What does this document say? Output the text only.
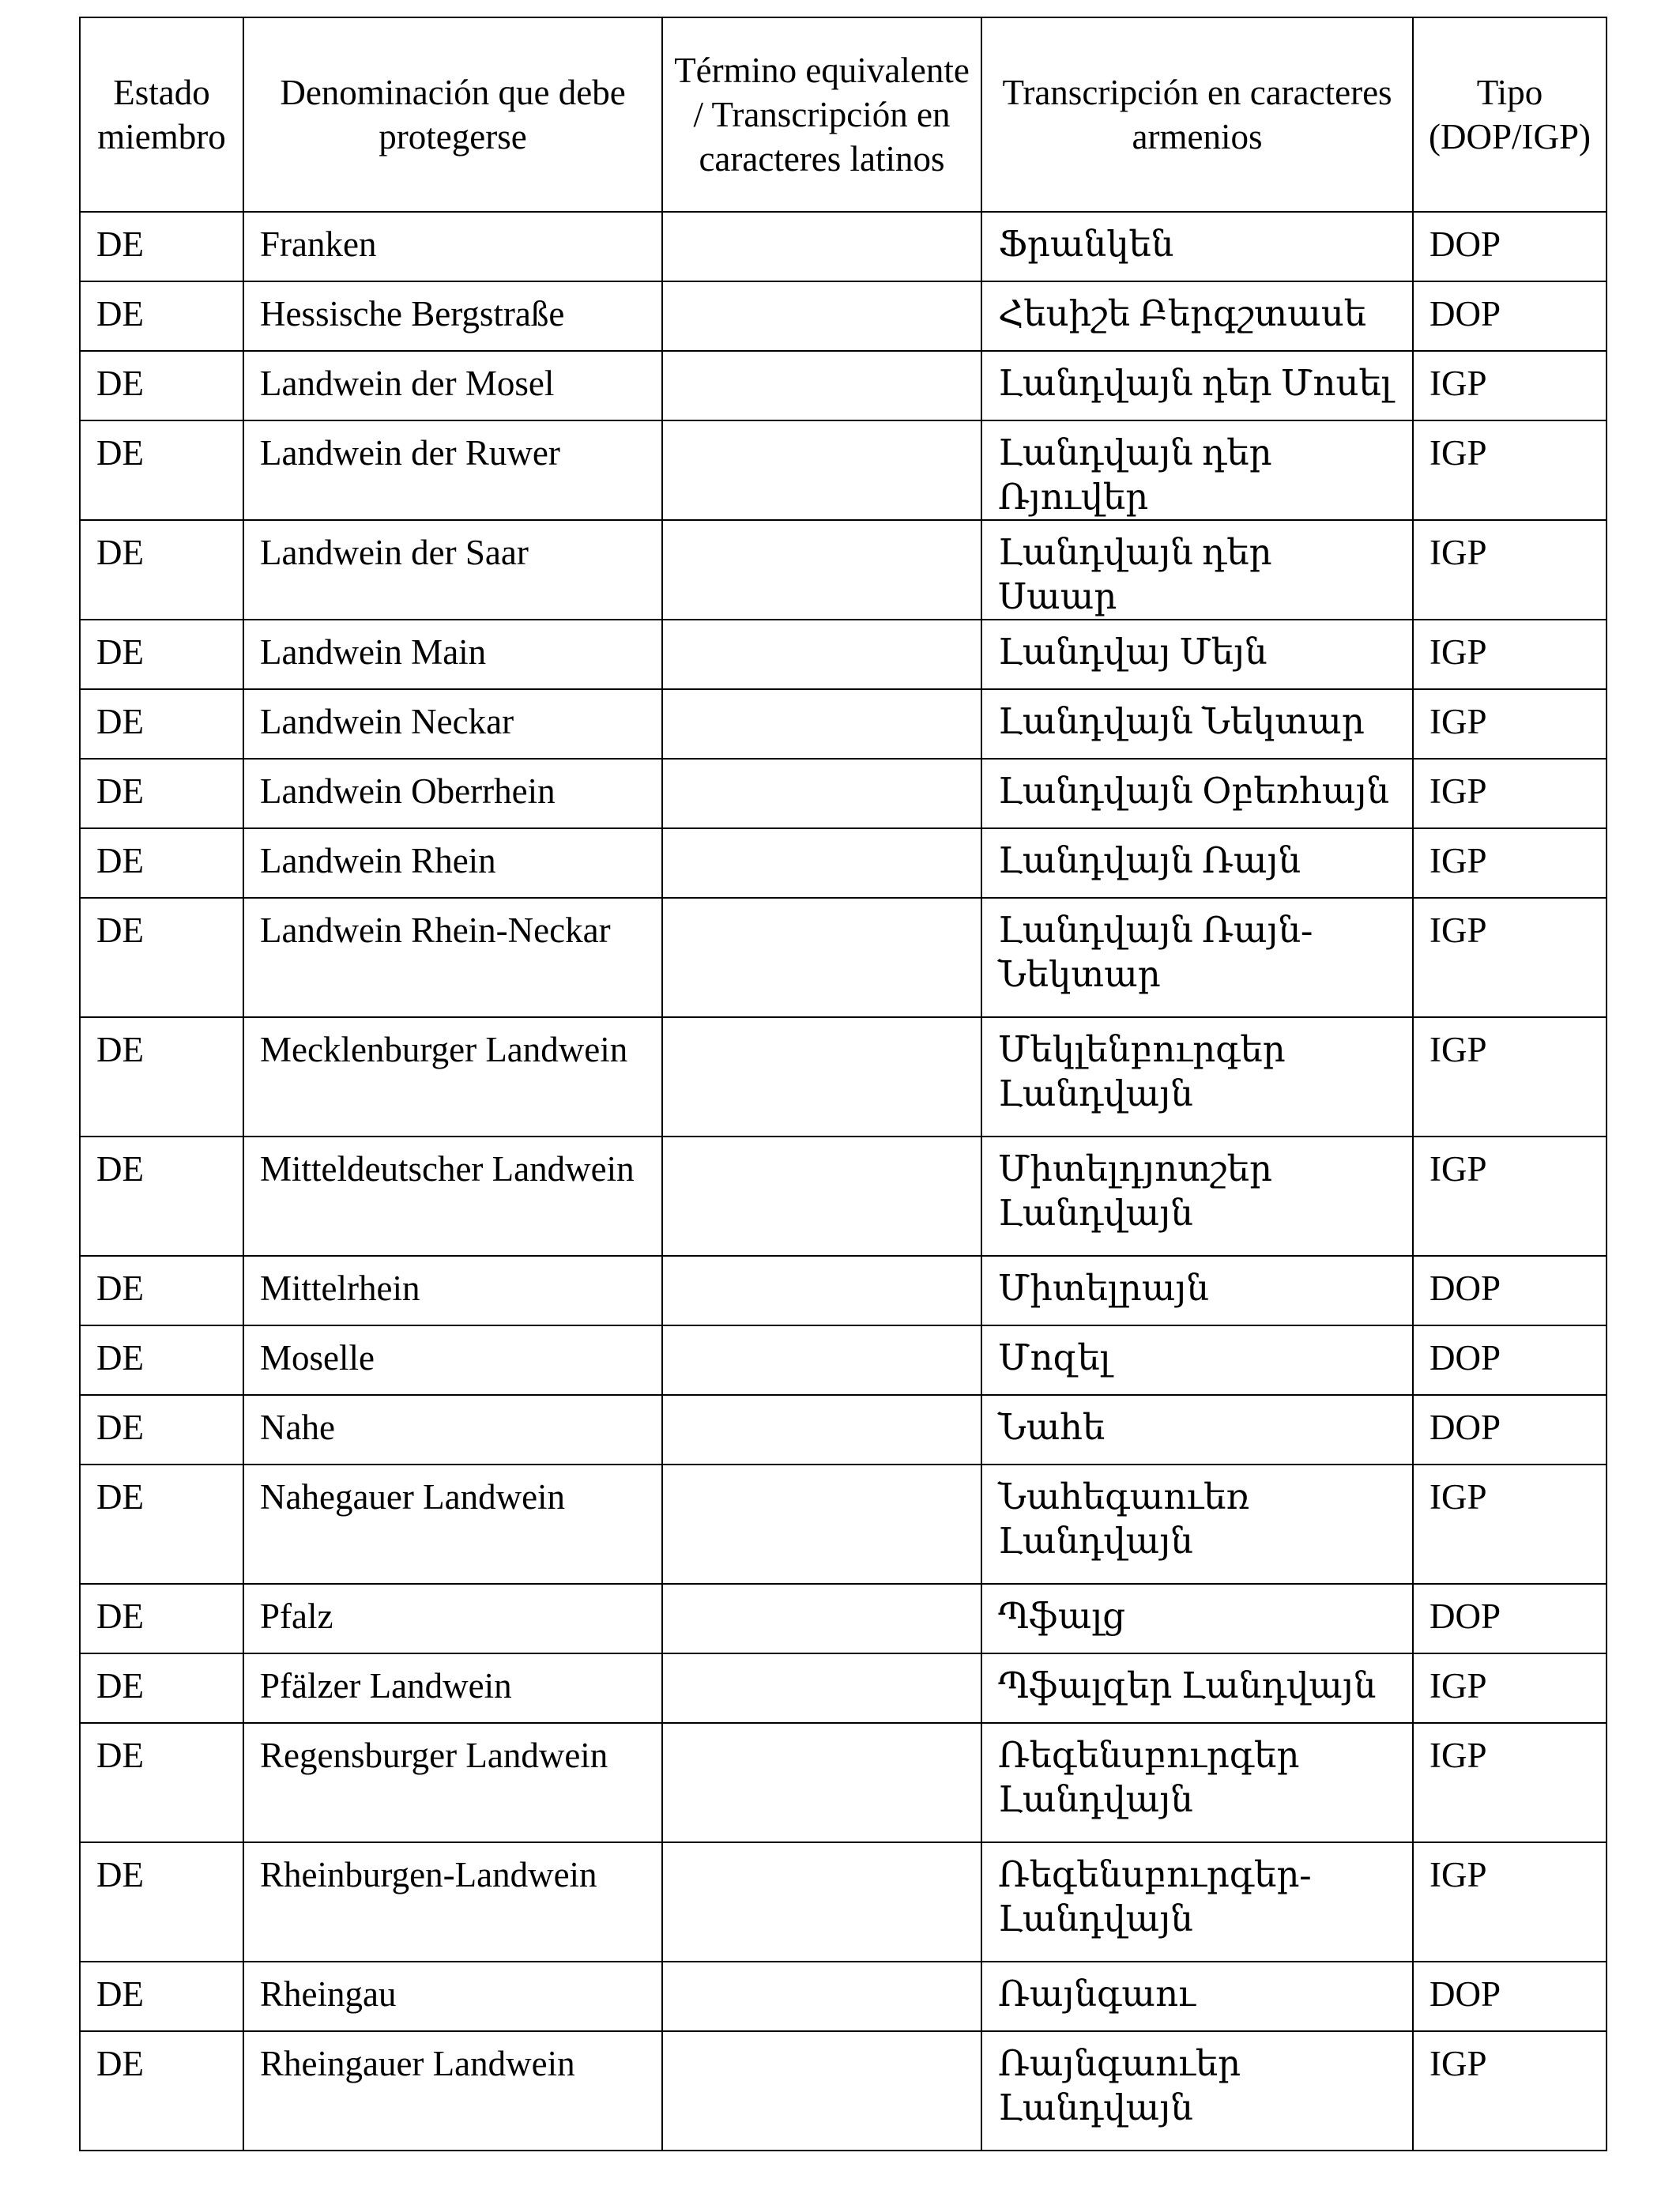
Estado miembro	Denominación que debe protegerse	Término equivalente / Transcripción en caracteres latinos	Transcripción en caracteres armenios	Tipo (DOP/IGP)
DE	Franken		Ֆրանկեն	DOP
DE	Hessische Bergstraße		Հեսիշե Բերգշտասե	DOP
DE	Landwein der Mosel		Լանդվայն դեր Մոսել	IGP
DE	Landwein der Ruwer		Լանդվայն դեր Ռյուվեր	IGP
DE	Landwein der Saar		Լանդվայն դեր Սաար	IGP
DE	Landwein Main		Լանդվայ Մեյն	IGP
DE	Landwein Neckar		Լանդվայն Նեկտար	IGP
DE	Landwein Oberrhein		Լանդվայն Օբեռհայն	IGP
DE	Landwein Rhein		Լանդվայն Ռայն	IGP
DE	Landwein Rhein-Neckar		Լանդվայն Ռայն-Նեկտար	IGP
DE	Mecklenburger Landwein		Մեկլենբուրգեր Լանդվայն	IGP
DE	Mitteldeutscher Landwein		Միտելդյոտշեր Լանդվայն	IGP
DE	Mittelrhein		Միտելրայն	DOP
DE	Moselle		Մոզել	DOP
DE	Nahe		Նահե	DOP
DE	Nahegauer Landwein		Նահեգաուեռ Լանդվայն	IGP
DE	Pfalz		Պֆալց	DOP
DE	Pfälzer Landwein		Պֆալզեր Լանդվայն	IGP
DE	Regensburger Landwein		Ռեգենսբուրգեր Լանդվայն	IGP
DE	Rheinburgen-Landwein		Ռեգենսբուրգեր-Լանդվայն	IGP
DE	Rheingau		Ռայնգաու	DOP
DE	Rheingauer Landwein		Ռայնգաուեր Լանդվայն	IGP
